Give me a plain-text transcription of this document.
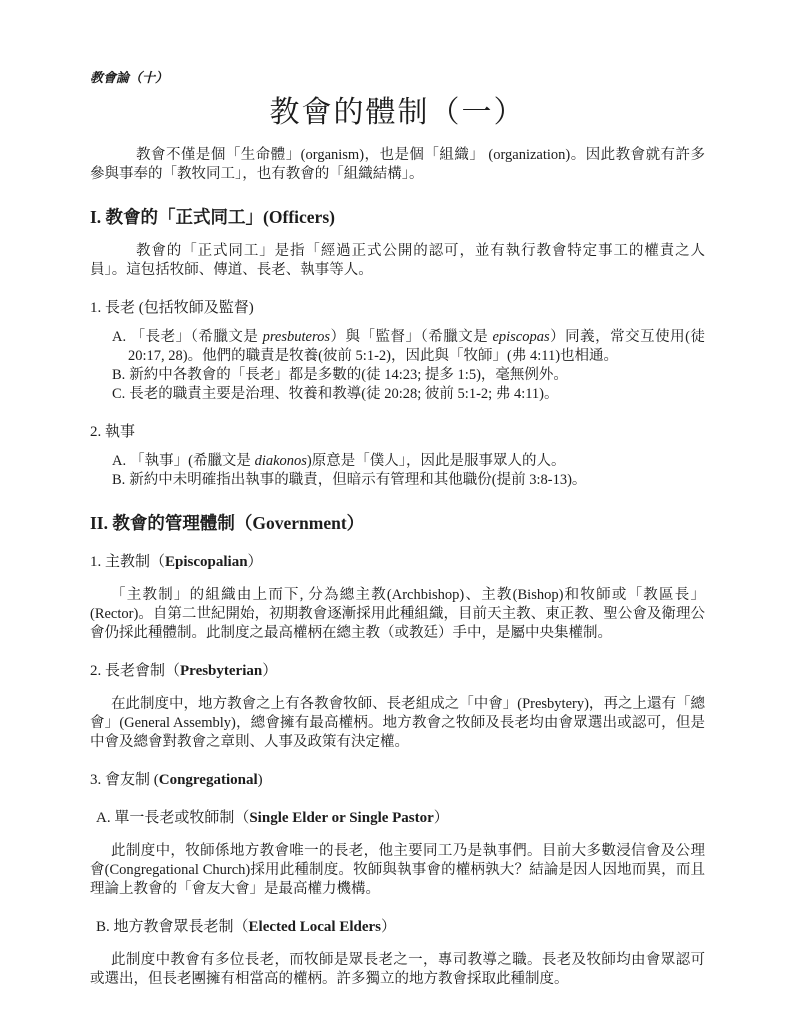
教會論（十）
教會的體制（一）

教會不僅是個「生命體」(organism)，也是個「組織」 (organization)。因此教會就有許多參與事奉的「教牧同工」，也有教會的「組織結構」。

I. 教會的「正式同工」(Officers)

教會的「正式同工」是指「經過正式公開的認可，並有執行教會特定事工的權責之人員」。這包括牧師、傳道、長老、執事等人。

1. 長老 (包括牧師及監督)
A. 「長老」（希臘文是 presbuteros）與「監督」（希臘文是 episcopas）同義，常交互使用(徒 20:17, 28)。他們的職責是牧養(彼前 5:1-2)，因此與「牧師」(弗 4:11)也相通。
B. 新約中各教會的「長老」都是多數的(徒 14:23; 提多 1:5)，毫無例外。
C. 長老的職責主要是治理、牧養和教導(徒 20:28; 彼前 5:1-2; 弗 4:11)。
2. 執事
A. 「執事」(希臘文是 diakonos)原意是「僕人」，因此是服事眾人的人。
B. 新約中未明確指出執事的職責，但暗示有管理和其他職份(提前 3:8-13)。
II. 教會的管理體制（Government）
1. 主教制（Episcopalian）

「主教制」的組織由上而下, 分為總主教(Archbishop)、主教(Bishop)和牧師或「教區長」(Rector)。自第二世紀開始，初期教會逐漸採用此種組織，目前天主教、東正教、聖公會及衛理公會仍採此種體制。此制度之最高權柄在總主教（或教廷）手中，是屬中央集權制。

2. 長老會制（Presbyterian）

在此制度中，地方教會之上有各教會牧師、長老組成之「中會」(Presbytery)，再之上還有「總會」(General Assembly)，總會擁有最高權柄。地方教會之牧師及長老均由會眾選出或認可，但是中會及總會對教會之章則、人事及政策有決定權。

3. 會友制 (Congregational)
A. 單一長老或牧師制（Single Elder or Single Pastor）

此制度中，牧師係地方教會唯一的長老，他主要同工乃是執事們。目前大多數浸信會及公理會(Congregational Church)採用此種制度。牧師與執事會的權柄孰大？結論是因人因地而異，而且理論上教會的「會友大會」是最高權力機構。

B. 地方教會眾長老制（Elected Local Elders）

此制度中教會有多位長老，而牧師是眾長老之一，專司教導之職。長老及牧師均由會眾認可或選出，但長老團擁有相當高的權柄。許多獨立的地方教會採取此種制度。
